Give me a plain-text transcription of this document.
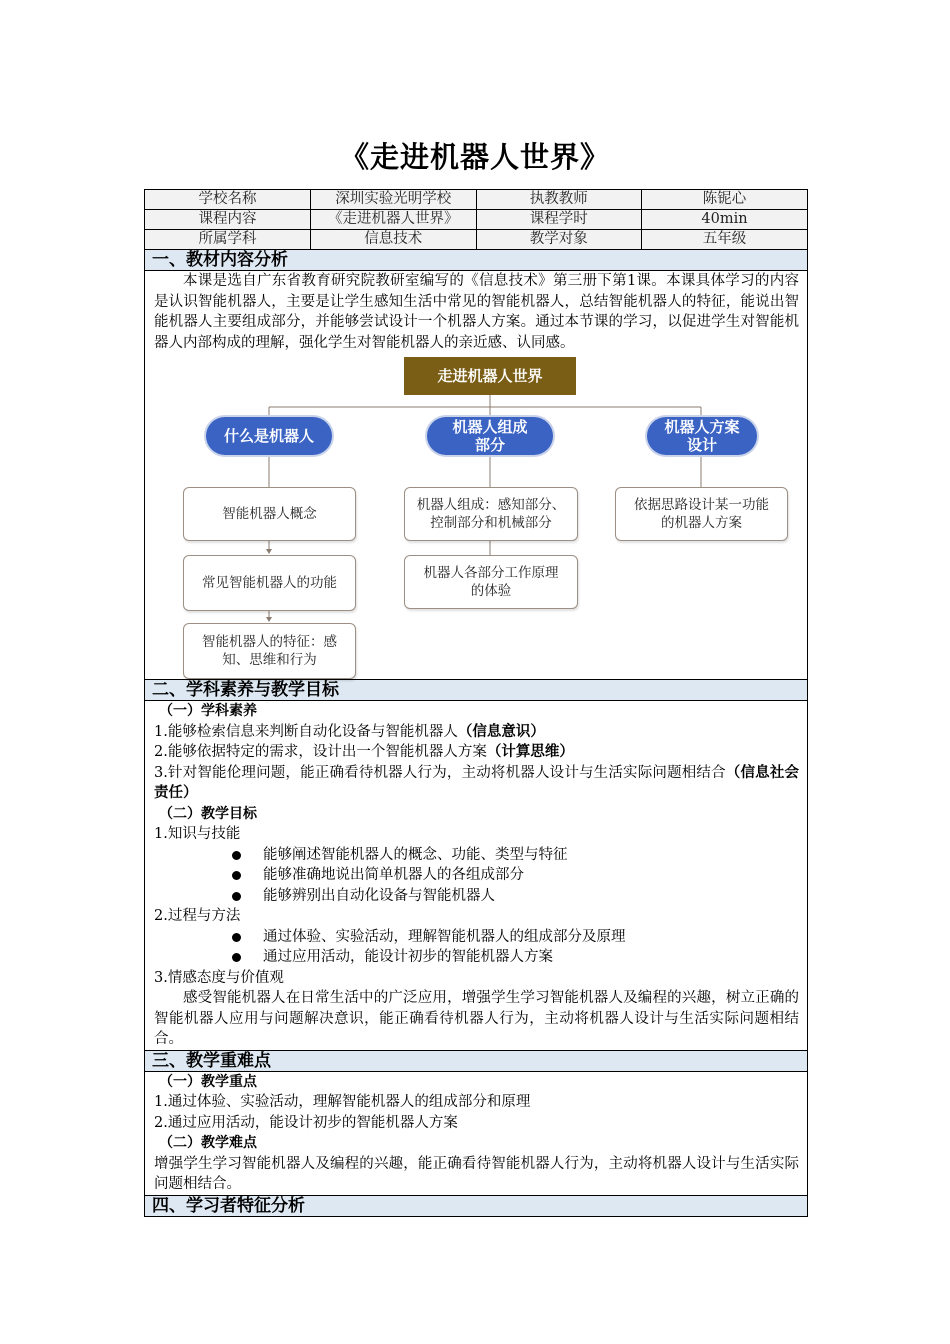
《走进机器人世界》
学校名称	深圳实验光明学校	执教教师	陈铌心
课程内容	《走进机器人世界》	课程学时	40min
所属学科	信息技术	教学对象	五年级
一、教材内容分析
本课是选自广东省教育研究院教研室编写的《信息技术》第三册下第1课。本课具体学习的内容是认识智能机器人，主要是让学生感知生活中常见的智能机器人，总结智能机器人的特征，能说出智能机器人主要组成部分，并能够尝试设计一个机器人方案。通过本节课的学习，以促进学生对智能机器人内部构成的理解，强化学生对智能机器人的亲近感、认同感。
走进机器人世界
什么是机器人	机器人组成
部分
机器人方案
设计
智能机器人概念
常见智能机器人的功能
智能机器人的特征：感
知、思维和行为
机器人组成：感知部分、
控制部分和机械部分
机器人各部分工作原理
的体验
依据思路设计某一功能
的机器人方案
二、学科素养与教学目标
（一）学科素养
1.能够检索信息来判断自动化设备与智能机器人（信息意识）
2.能够依据特定的需求，设计出一个智能机器人方案（计算思维）
3.针对智能伦理问题，能正确看待机器人行为，主动将机器人设计与生活实际问题相结合（信息社会责任）
（二）教学目标
1.知识与技能
能够阐述智能机器人的概念、功能、类型与特征
能够准确地说出简单机器人的各组成部分
能够辨别出自动化设备与智能机器人
2.过程与方法
通过体验、实验活动，理解智能机器人的组成部分及原理
通过应用活动，能设计初步的智能机器人方案
3.情感态度与价值观
感受智能机器人在日常生活中的广泛应用，增强学生学习智能机器人及编程的兴趣，树立正确的智能机器人应用与问题解决意识，能正确看待机器人行为，主动将机器人设计与生活实际问题相结合。
三、教学重难点
（一）教学重点
1.通过体验、实验活动，理解智能机器人的组成部分和原理
2.通过应用活动，能设计初步的智能机器人方案
（二）教学难点
增强学生学习智能机器人及编程的兴趣，能正确看待智能机器人行为，主动将机器人设计与生活实际问题相结合。
四、学习者特征分析
